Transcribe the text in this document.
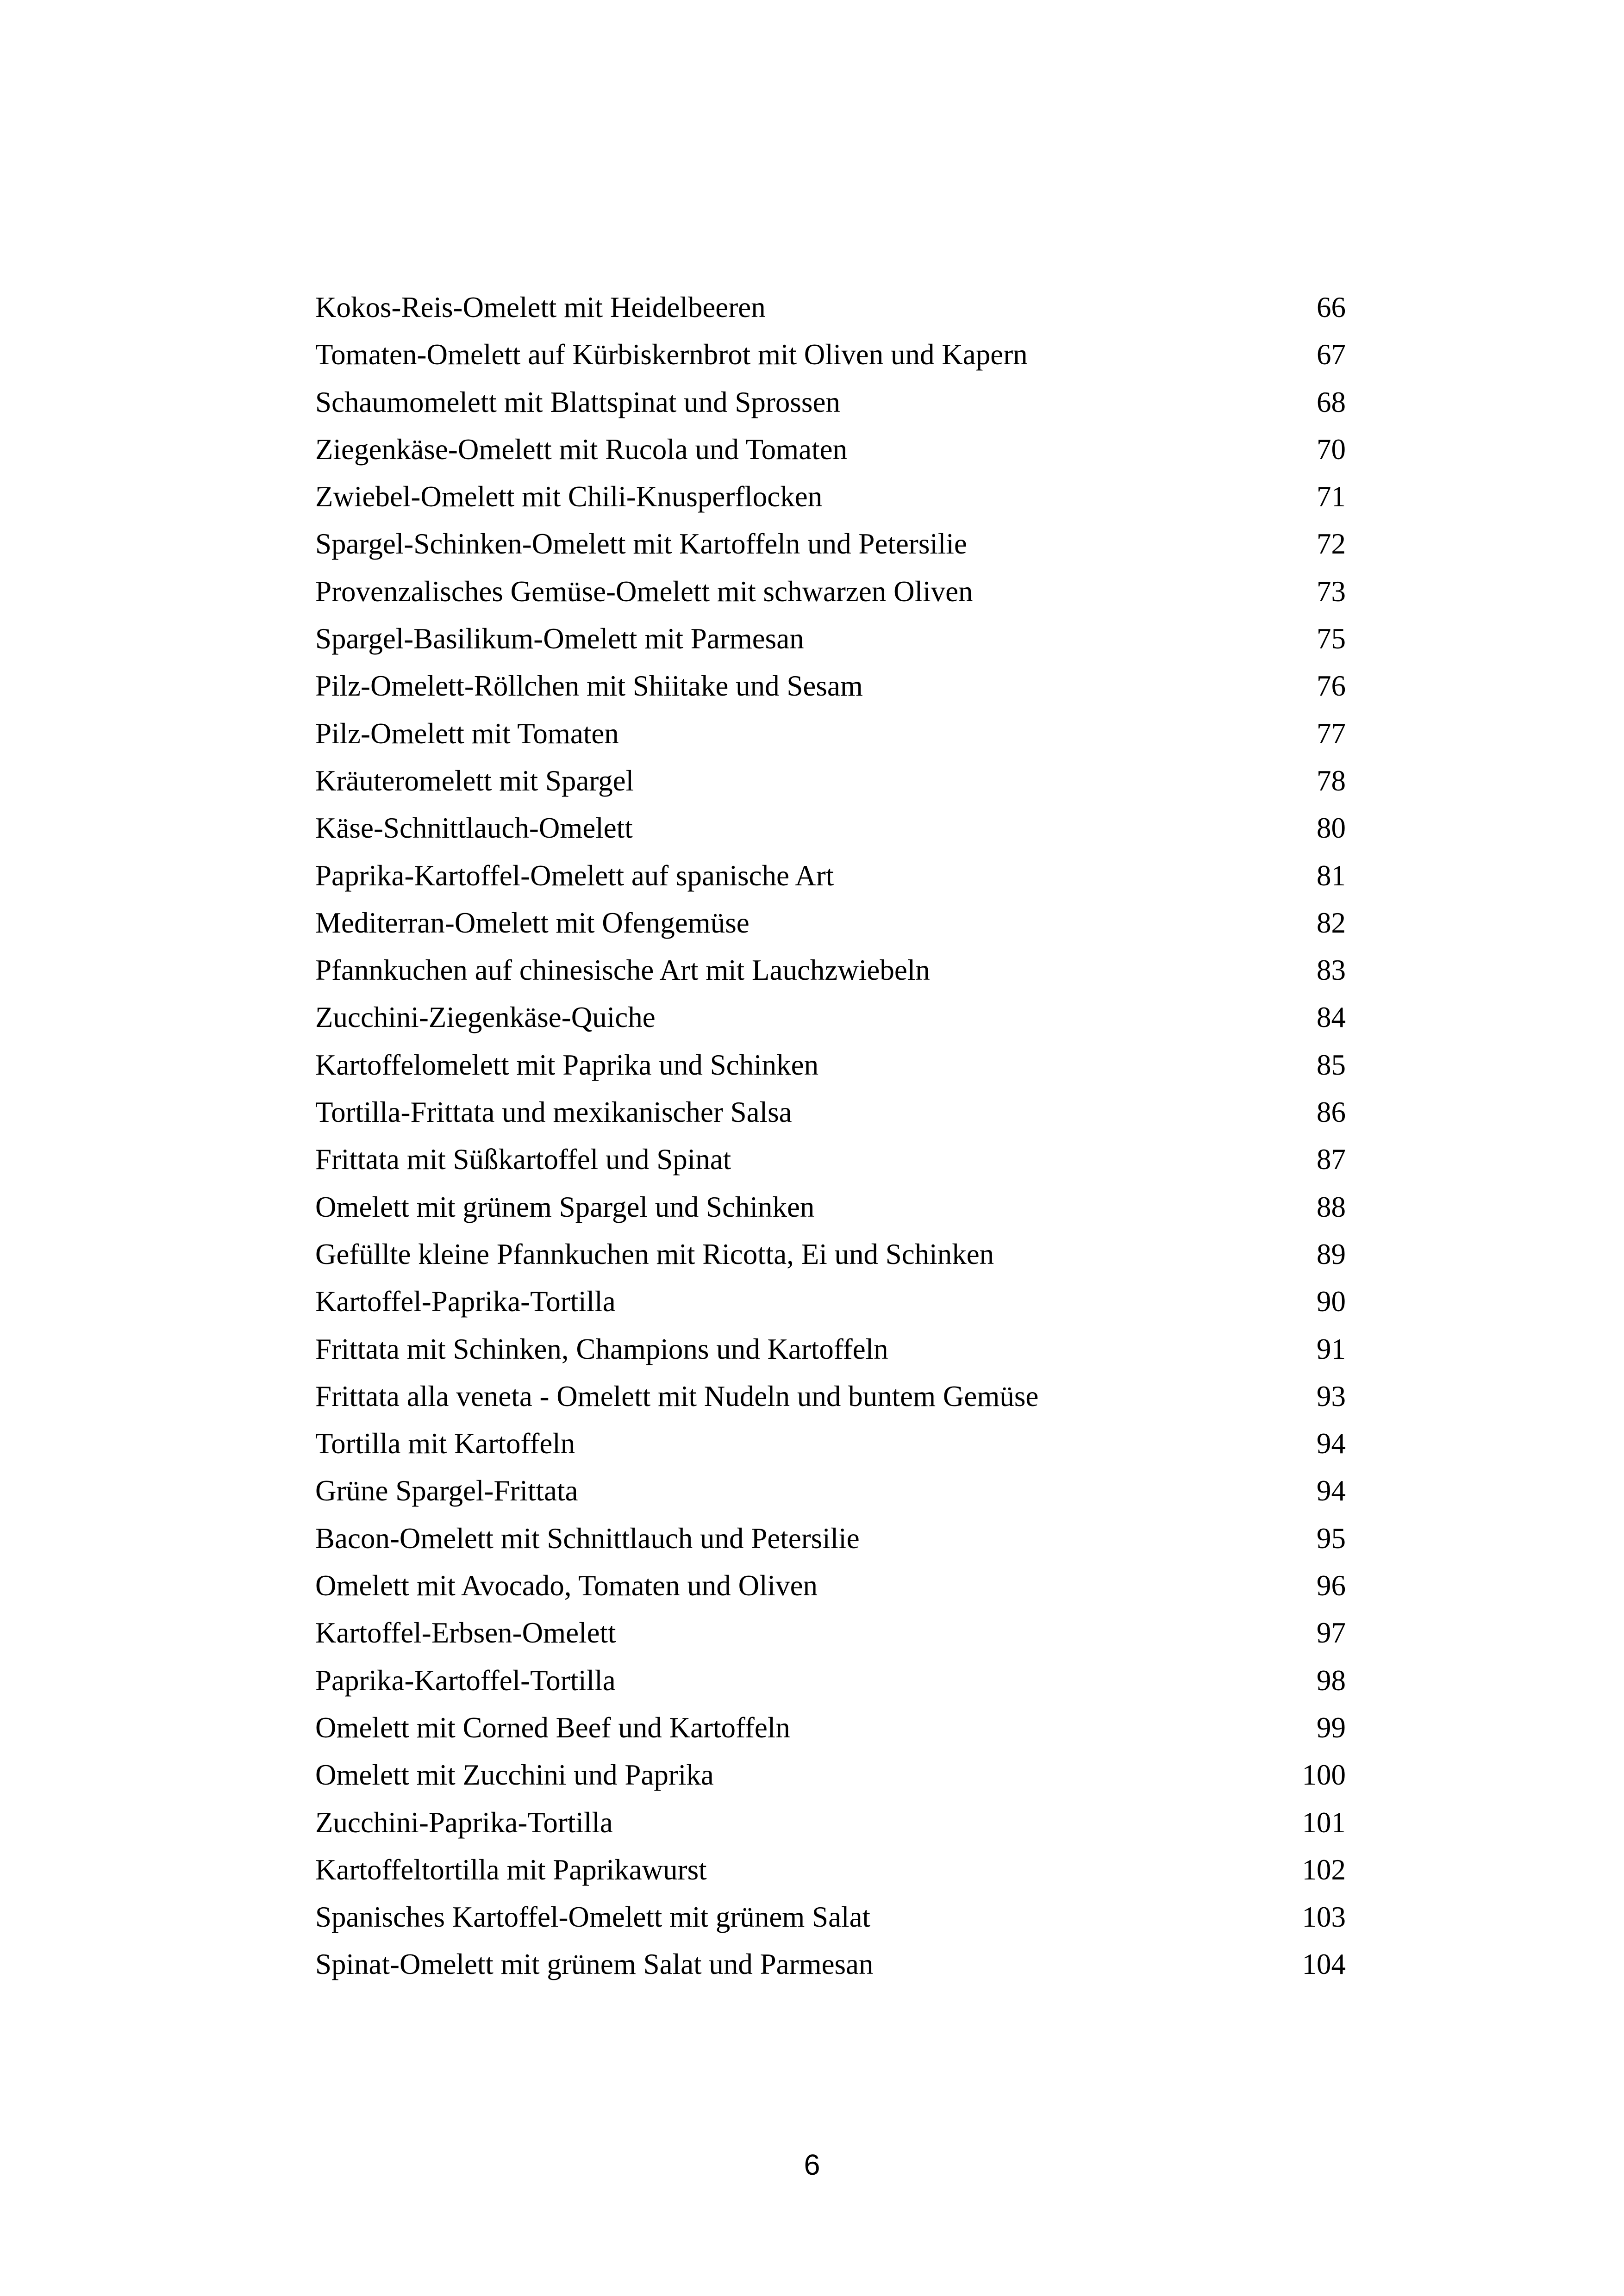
Kokos-Reis-Omelett mit Heidelbeeren	66
Tomaten-Omelett auf Kürbiskernbrot mit Oliven und Kapern	67
Schaumomelett mit Blattspinat und Sprossen	68
Ziegenkäse-Omelett mit Rucola und Tomaten	70
Zwiebel-Omelett mit Chili-Knusperflocken	71
Spargel-Schinken-Omelett mit Kartoffeln und Petersilie	72
Provenzalisches Gemüse-Omelett mit schwarzen Oliven	73
Spargel-Basilikum-Omelett mit Parmesan	75
Pilz-Omelett-Röllchen mit Shiitake und Sesam	76
Pilz-Omelett mit Tomaten	77
Kräuteromelett mit Spargel	78
Käse-Schnittlauch-Omelett	80
Paprika-Kartoffel-Omelett auf spanische Art	81
Mediterran-Omelett mit Ofengemüse	82
Pfannkuchen auf chinesische Art mit Lauchzwiebeln	83
Zucchini-Ziegenkäse-Quiche	84
Kartoffelomelett mit Paprika und Schinken	85
Tortilla-Frittata und mexikanischer Salsa	86
Frittata mit Süßkartoffel und Spinat	87
Omelett mit grünem Spargel und Schinken	88
Gefüllte kleine Pfannkuchen mit Ricotta, Ei und Schinken	89
Kartoffel-Paprika-Tortilla	90
Frittata mit Schinken, Champions und Kartoffeln	91
Frittata alla veneta - Omelett mit Nudeln und buntem Gemüse	93
Tortilla mit Kartoffeln	94
Grüne Spargel-Frittata	94
Bacon-Omelett mit Schnittlauch und Petersilie	95
Omelett mit Avocado, Tomaten und Oliven	96
Kartoffel-Erbsen-Omelett	97
Paprika-Kartoffel-Tortilla	98
Omelett mit Corned Beef und Kartoffeln	99
Omelett mit Zucchini und Paprika	100
Zucchini-Paprika-Tortilla	101
Kartoffeltortilla mit Paprikawurst	102
Spanisches Kartoffel-Omelett mit grünem Salat	103
Spinat-Omelett mit grünem Salat und Parmesan	104
6
